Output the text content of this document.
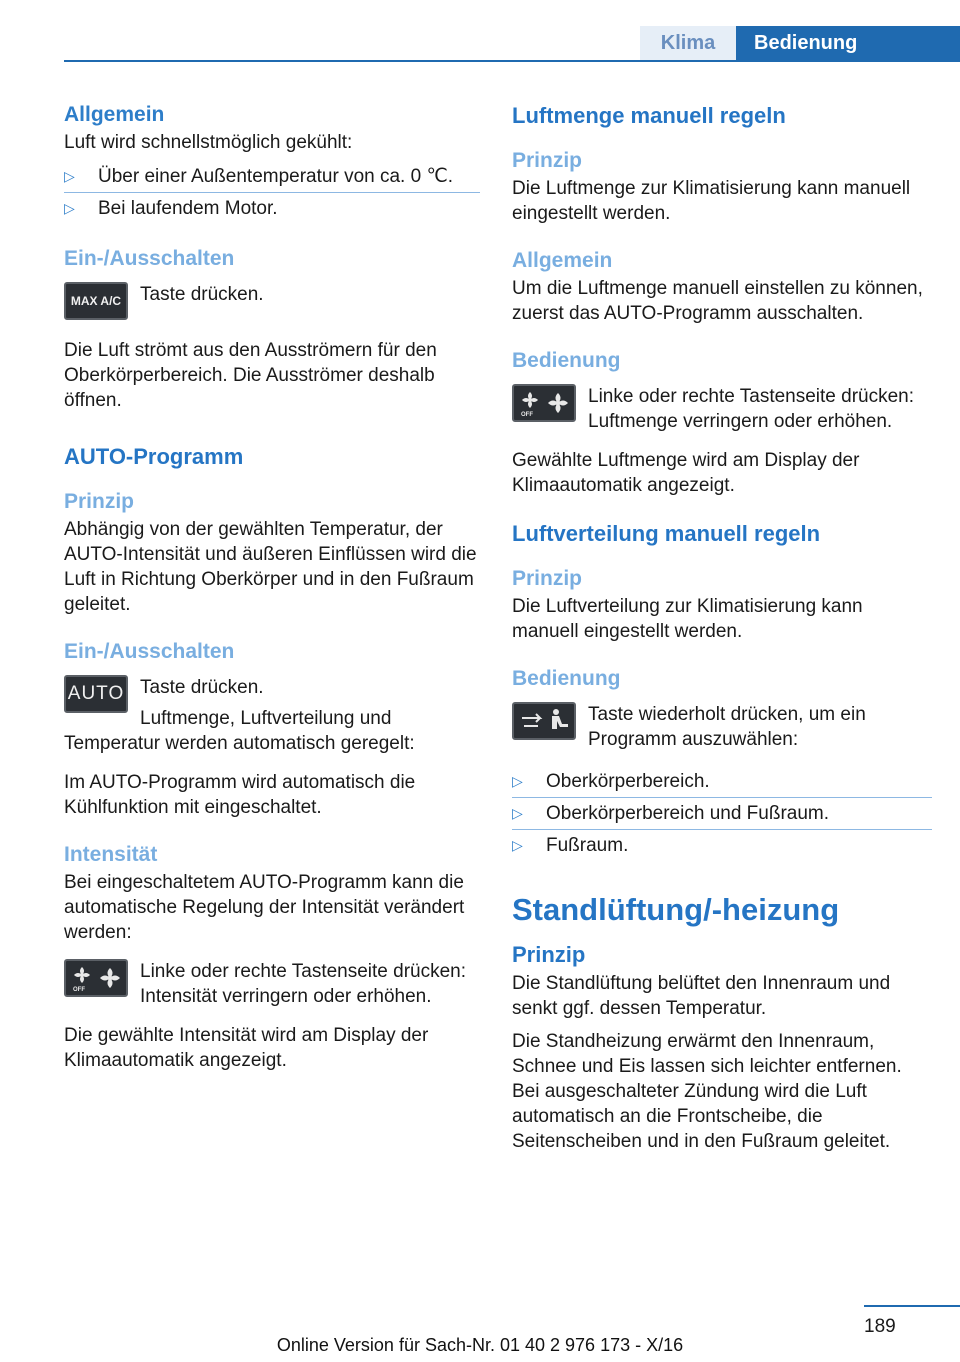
Klima Bedienung
Allgemein

Luft wird schnellstmöglich gekühlt:

▷ Über einer Außentemperatur von ca. 0 ℃.
▷ Bei laufendem Motor.
Ein-/Ausschalten
MAX A/C Taste drücken.

Die Luft strömt aus den Ausströmern für den Oberkörperbereich. Die Ausströmer deshalb öffnen.

AUTO-Programm
Prinzip

Abhängig von der gewählten Temperatur, der AUTO-Intensität und äußeren Einflüssen wird die Luft in Richtung Oberkörper und in den Fußraum geleitet.

Ein-/Ausschalten
AUTO Taste drücken.

Luftmenge, Luftverteilung und Temperatur werden automatisch geregelt:

Im AUTO-Programm wird automatisch die Kühlfunktion mit eingeschaltet.

Intensität

Bei eingeschaltetem AUTO-Programm kann die automatische Regelung der Intensität verändert werden:

OFF

Linke oder rechte Tastenseite drücken: Intensität verringern oder erhöhen.

Die gewählte Intensität wird am Display der Klimaautomatik angezeigt.

Luftmenge manuell regeln
Prinzip

Die Luftmenge zur Klimatisierung kann manuell eingestellt werden.

Allgemein

Um die Luftmenge manuell einstellen zu können, zuerst das AUTO-Programm ausschalten.

Bedienung
OFF

Linke oder rechte Tastenseite drücken: Luftmenge verringern oder erhöhen.

Gewählte Luftmenge wird am Display der Klimaautomatik angezeigt.

Luftverteilung manuell regeln
Prinzip

Die Luftverteilung zur Klimatisierung kann manuell eingestellt werden.

Bedienung

Taste wiederholt drücken, um ein Programm auszuwählen:

▷ Oberkörperbereich.
▷ Oberkörperbereich und Fußraum.
▷ Fußraum.
Standlüftung/-heizung
Prinzip

Die Standlüftung belüftet den Innenraum und senkt ggf. dessen Temperatur.

Die Standheizung erwärmt den Innenraum, Schnee und Eis lassen sich leichter entfernen. Bei ausgeschalteter Zündung wird die Luft automatisch an die Frontscheibe, die Seitenscheiben und in den Fußraum geleitet.

189
Online Version für Sach-Nr. 01 40 2 976 173 - X/16
